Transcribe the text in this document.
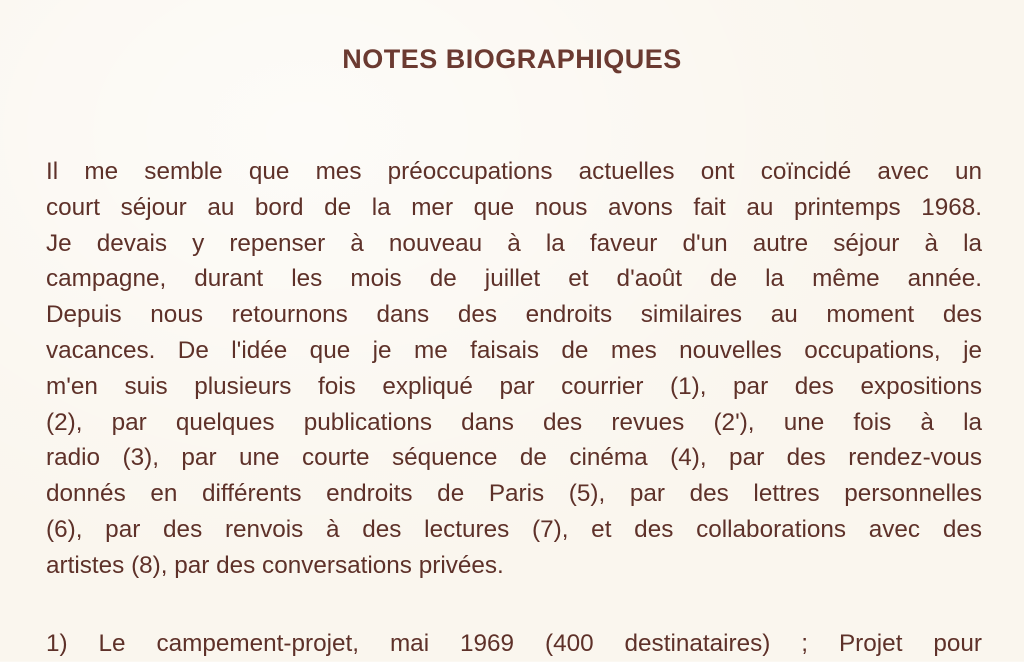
NOTES BIOGRAPHIQUES
Il me semble que mes préoccupations actuelles ont coïncidé avec un
court séjour au bord de la mer que nous avons fait au printemps 1968.
Je devais y repenser à nouveau à la faveur d'un autre séjour à la
campagne, durant les mois de juillet et d'août de la même année.
Depuis nous retournons dans des endroits similaires au moment des
vacances. De l'idée que je me faisais de mes nouvelles occupations, je
m'en suis plusieurs fois expliqué par courrier (1), par des expositions
(2), par quelques publications dans des revues (2'), une fois à la
radio (3), par une courte séquence de cinéma (4), par des rendez-vous
donnés en différents endroits de Paris (5), par des lettres personnelles
(6), par des renvois à des lectures (7), et des collaborations avec des
artistes (8), par des conversations privées.
1) Le campement-projet, mai 1969 (400 destinataires) ; Projet pour
